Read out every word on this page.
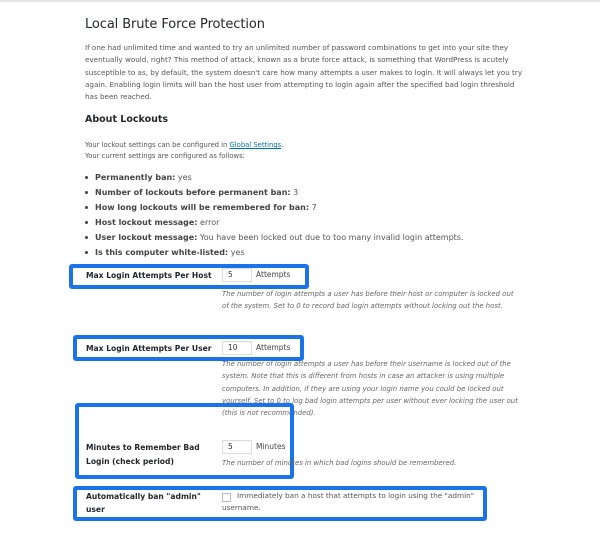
Local Brute Force Protection

If one had unlimited time and wanted to try an unlimited number of password combinations to get into your site they eventually would, right? This method of attack, known as a brute force attack, is something that WordPress is acutely susceptible to as, by default, the system doesn't care how many attempts a user makes to login. It will always let you try again. Enabling login limits will ban the host user from attempting to login again after the specified bad login threshold has been reached.

About Lockouts
Your lockout settings can be configured in Global Settings.
Your current settings are configured as follows:
Permanently ban: yes
Number of lockouts before permanent ban: 3
How long lockouts will be remembered for ban: 7
Host lockout message: error
User lockout message: You have been locked out due to too many invalid login attempts.
Is this computer white-listed: yes
Max Login Attempts Per Host	5	Attempts
The number of login attempts a user has before their host or computer is locked out of the system. Set to 0 to record bad login attempts without locking out the host.
Max Login Attempts Per User	10	Attempts
The number of login attempts a user has before their username is locked out of the system. Note that this is different from hosts in case an attacker is using multiple computers. In addition, if they are using your login name you could be locked out yourself. Set to 0 to log bad login attempts per user without ever locking the user out (this is not recommended).
Minutes to Remember Bad Login (check period)
5	Minutes
The number of minutes in which bad logins should be remembered.
Automatically ban "admin" user
Immediately ban a host that attempts to login using the "admin" username.
